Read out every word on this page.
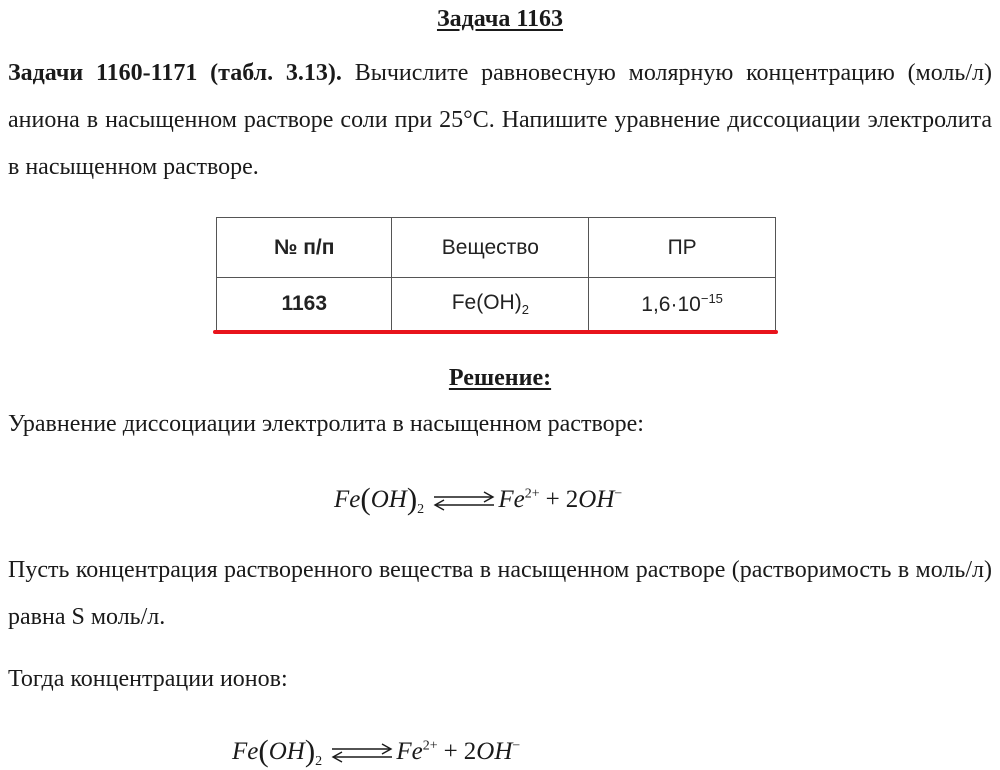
Задача 1163
Задачи 1160-1171 (табл. 3.13). Вычислите равновесную молярную концентрацию (моль/л) аниона в насыщенном растворе соли при 25°С. Напишите уравнение диссоциации электролита в насыщенном растворе.
№ п/п	Вещество	ПР
1163	$Fe(OH)_2$	$1,6\cdot 10^{-15}$
Решение:
Уравнение диссоциации электролита в насыщенном растворе:
$Fe(OH)_2$ ⇌ $Fe^{2+} + 2OH^-$
Пусть концентрация растворенного вещества в насыщенном растворе (растворимость в моль/л) равна S моль/л.
Тогда концентрации ионов:
$Fe(OH)_2$ ⇌ $Fe^{2+} + 2OH^-$
